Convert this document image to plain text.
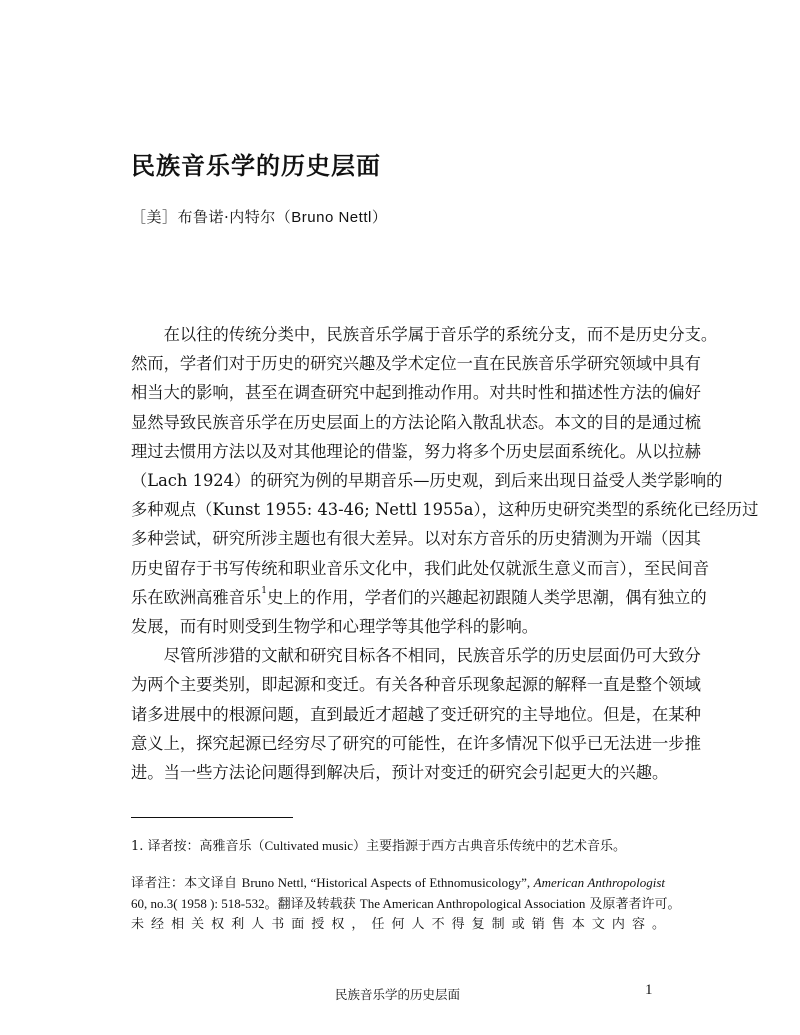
民族音乐学的历史层面
［美］布鲁诺·内特尔（Bruno Nettl）

在以往的传统分类中，民族音乐学属于音乐学的系统分支，而不是历史分支。
然而，学者们对于历史的研究兴趣及学术定位一直在民族音乐学研究领域中具有
相当大的影响，甚至在调查研究中起到推动作用。对共时性和描述性方法的偏好
显然导致民族音乐学在历史层面上的方法论陷入散乱状态。本文的目的是通过梳
理过去惯用方法以及对其他理论的借鉴，努力将多个历史层面系统化。从以拉赫
（Lach 1924）的研究为例的早期音乐—历史观，到后来出现日益受人类学影响的
多种观点（Kunst 1955: 43-46; Nettl 1955a），这种历史研究类型的系统化已经历过
多种尝试，研究所涉主题也有很大差异。以对东方音乐的历史猜测为开端（因其
历史留存于书写传统和职业音乐文化中，我们此处仅就派生意义而言），至民间音
乐在欧洲高雅音乐$^1$史上的作用，学者们的兴趣起初跟随人类学思潮，偶有独立的
发展，而有时则受到生物学和心理学等其他学科的影响。

尽管所涉猎的文献和研究目标各不相同，民族音乐学的历史层面仍可大致分
为两个主要类别，即起源和变迁。有关各种音乐现象起源的解释一直是整个领域
诸多进展中的根源问题，直到最近才超越了变迁研究的主导地位。但是，在某种
意义上，探究起源已经穷尽了研究的可能性，在许多情况下似乎已无法进一步推
进。当一些方法论问题得到解决后，预计对变迁的研究会引起更大的兴趣。

1. 译者按：高雅音乐（Cultivated music）主要指源于西方古典音乐传统中的艺术音乐。
译者注：本文译自 Bruno Nettl, “Historical Aspects of Ethnomusicology”, American Anthropologist
60, no.3( 1958 ): 518-532。翻译及转载获 The American Anthropological Association 及原著者许可。
未经相关权利人书面授权，任何人不得复制或销售本文内容。
民族音乐学的历史层面	1
